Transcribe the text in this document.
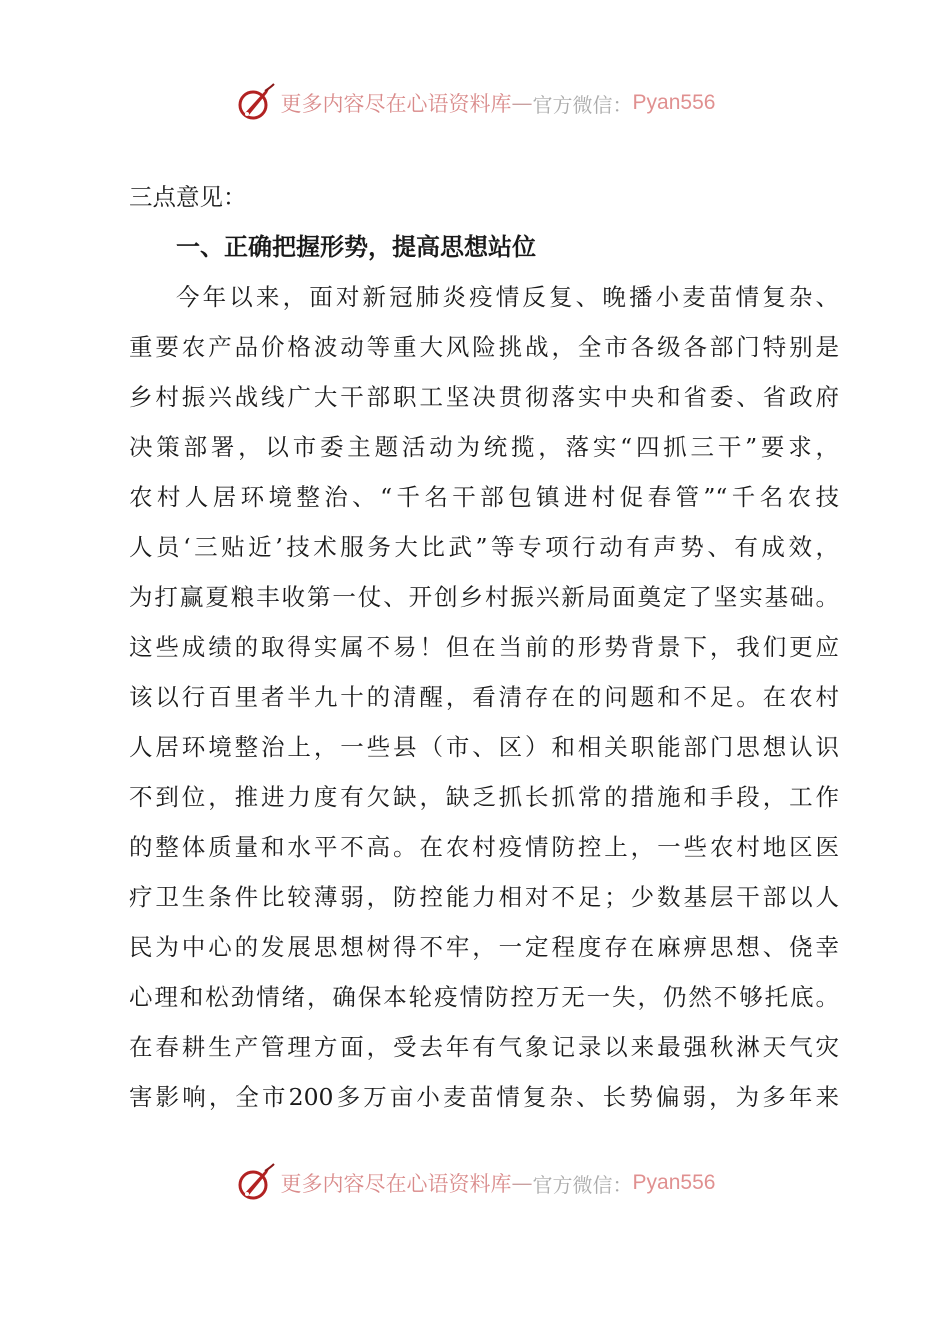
更多内容尽在心语资料库 — 官方微信： Pyan556
三点意见：
一、正确把握形势，提高思想站位
今年以来，面对新冠肺炎疫情反复、晚播小麦苗情复杂、
重要农产品价格波动等重大风险挑战，全市各级各部门特别是
乡村振兴战线广大干部职工坚决贯彻落实中央和省委、省政府
决策部署，以市委主题活动为统揽，落实“四抓三干”要求，
农村人居环境整治、“千名干部包镇进村促春管”“千名农技
人员‘三贴近’技术服务大比武”等专项行动有声势、有成效，
为打赢夏粮丰收第一仗、开创乡村振兴新局面奠定了坚实基础。
这些成绩的取得实属不易！但在当前的形势背景下，我们更应
该以行百里者半九十的清醒，看清存在的问题和不足。在农村
人居环境整治上，一些县（市、区）和相关职能部门思想认识
不到位，推进力度有欠缺，缺乏抓长抓常的措施和手段，工作
的整体质量和水平不高。在农村疫情防控上，一些农村地区医
疗卫生条件比较薄弱，防控能力相对不足；少数基层干部以人
民为中心的发展思想树得不牢，一定程度存在麻痹思想、侥幸
心理和松劲情绪，确保本轮疫情防控万无一失，仍然不够托底。
在春耕生产管理方面，受去年有气象记录以来最强秋淋天气灾
害影响，全市200多万亩小麦苗情复杂、长势偏弱，为多年来
更多内容尽在心语资料库 — 官方微信： Pyan556
